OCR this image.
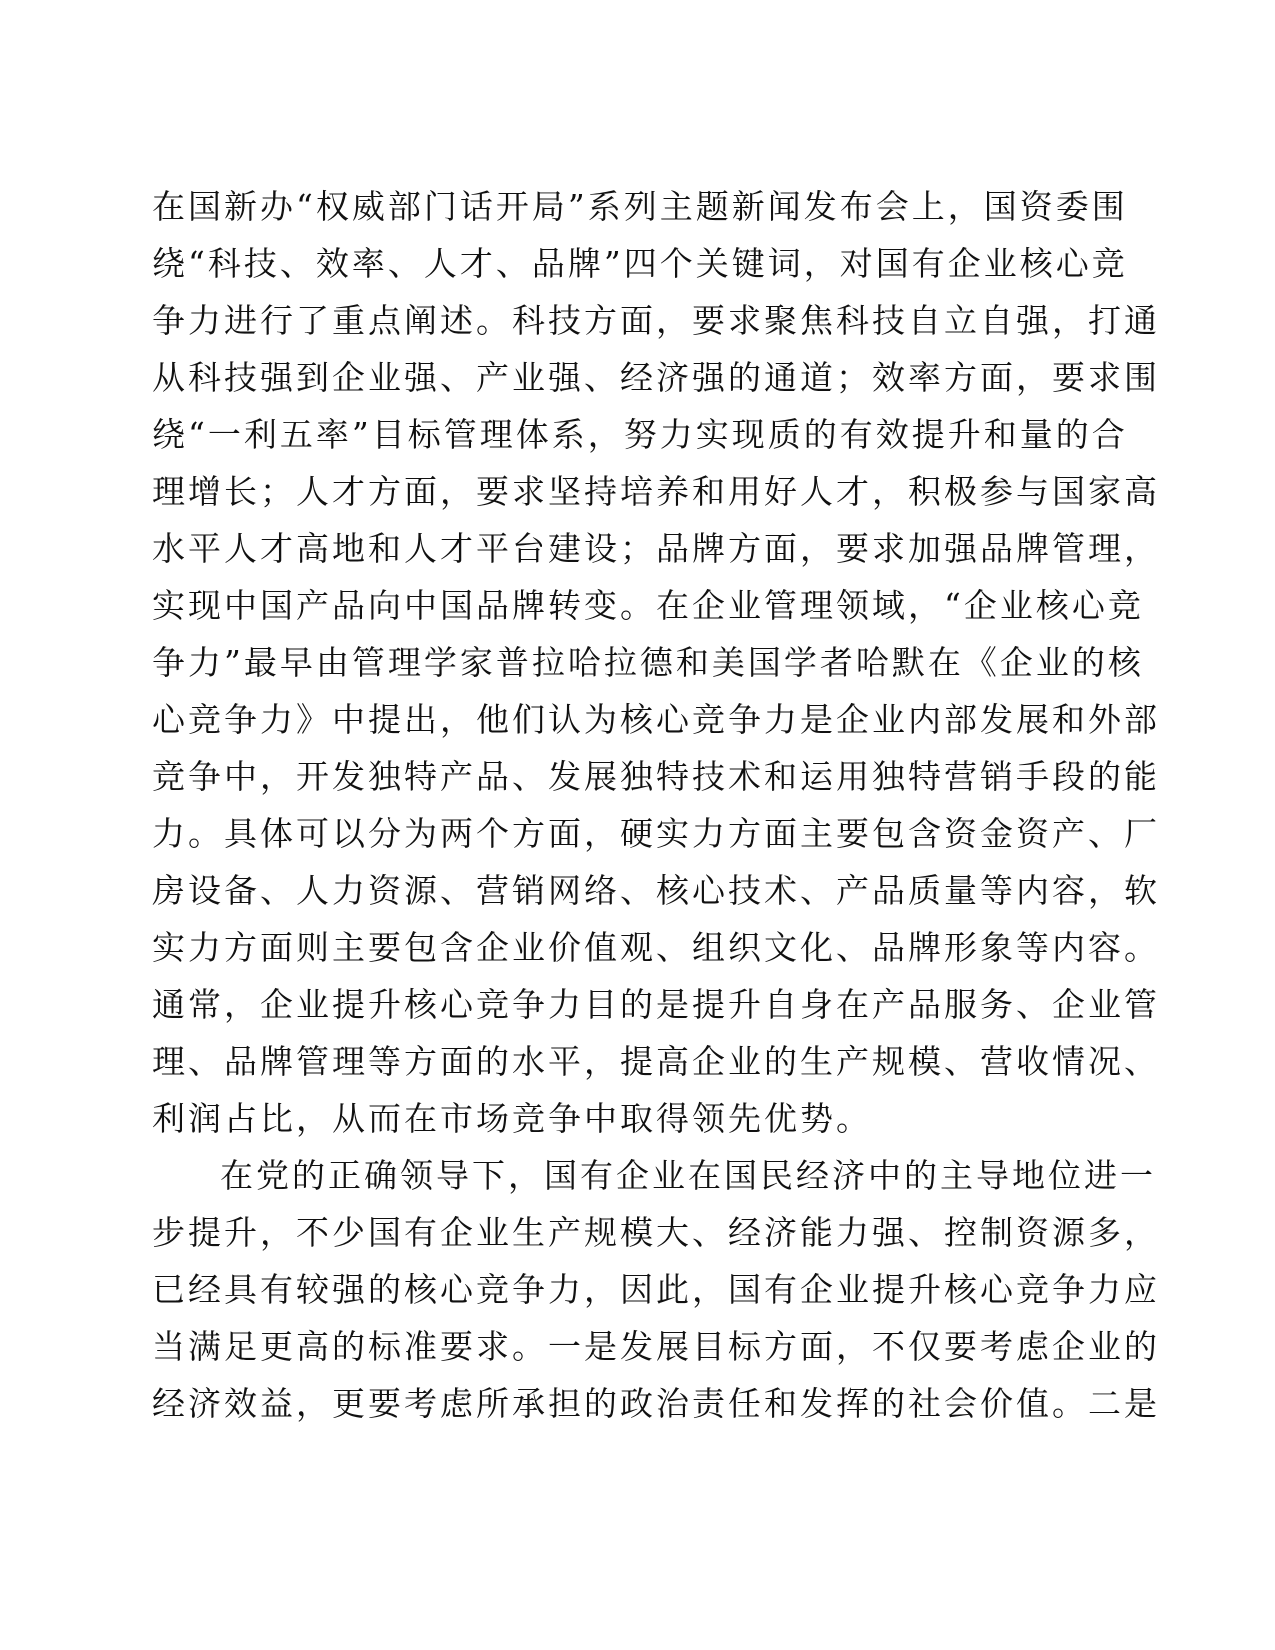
在国新办“权威部门话开局”系列主题新闻发布会上，国资委围
绕“科技、效率、人才、品牌”四个关键词，对国有企业核心竞
争力进行了重点阐述。科技方面，要求聚焦科技自立自强，打通
从科技强到企业强、产业强、经济强的通道；效率方面，要求围
绕“一利五率”目标管理体系，努力实现质的有效提升和量的合
理增长；人才方面，要求坚持培养和用好人才，积极参与国家高
水平人才高地和人才平台建设；品牌方面，要求加强品牌管理，
实现中国产品向中国品牌转变。在企业管理领域，“企业核心竞
争力”最早由管理学家普拉哈拉德和美国学者哈默在《企业的核
心竞争力》中提出，他们认为核心竞争力是企业内部发展和外部
竞争中，开发独特产品、发展独特技术和运用独特营销手段的能
力。具体可以分为两个方面，硬实力方面主要包含资金资产、厂
房设备、人力资源、营销网络、核心技术、产品质量等内容，软
实力方面则主要包含企业价值观、组织文化、品牌形象等内容。
通常，企业提升核心竞争力目的是提升自身在产品服务、企业管
理、品牌管理等方面的水平，提高企业的生产规模、营收情况、
利润占比，从而在市场竞争中取得领先优势。
在党的正确领导下，国有企业在国民经济中的主导地位进一
步提升，不少国有企业生产规模大、经济能力强、控制资源多，
已经具有较强的核心竞争力，因此，国有企业提升核心竞争力应
当满足更高的标准要求。一是发展目标方面，不仅要考虑企业的
经济效益，更要考虑所承担的政治责任和发挥的社会价值。二是
